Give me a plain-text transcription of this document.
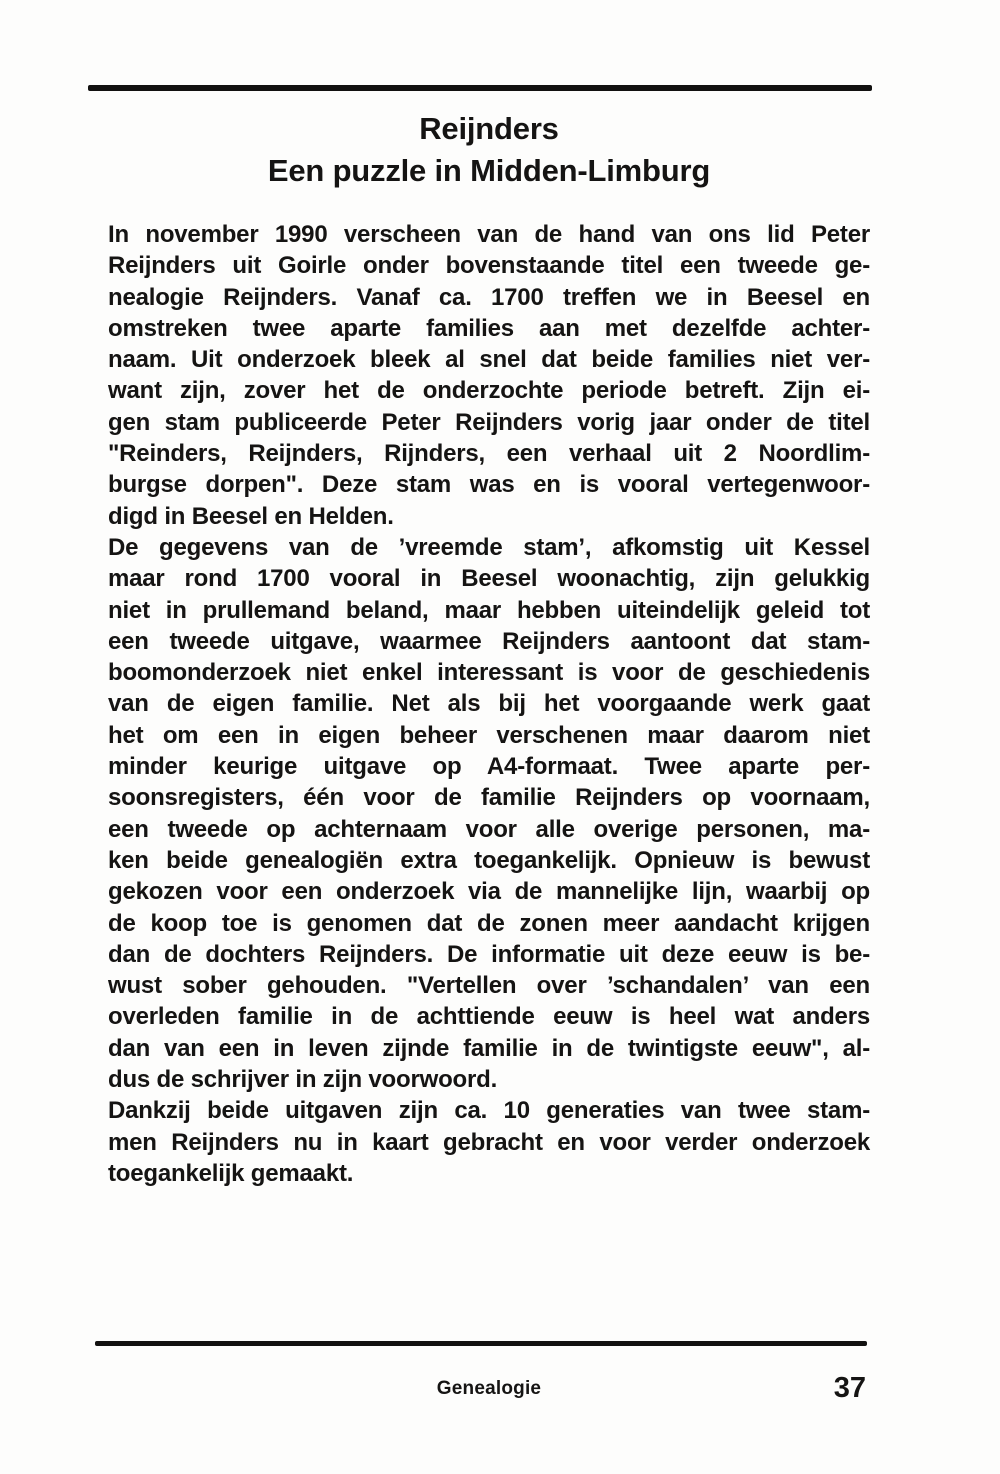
Reijnders
Een puzzle in Midden-Limburg
In november 1990 verscheen van de hand van ons lid Peter
Reijnders uit Goirle onder bovenstaande titel een tweede ge-
nealogie Reijnders. Vanaf ca. 1700 treffen we in Beesel en
omstreken twee aparte families aan met dezelfde achter-
naam. Uit onderzoek bleek al snel dat beide families niet ver-
want zijn, zover het de onderzochte periode betreft. Zijn ei-
gen stam publiceerde Peter Reijnders vorig jaar onder de titel
"Reinders, Reijnders, Rijnders, een verhaal uit 2 Noordlim-
burgse dorpen". Deze stam was en is vooral vertegenwoor-
digd in Beesel en Helden.
De gegevens van de ’vreemde stam’, afkomstig uit Kessel
maar rond 1700 vooral in Beesel woonachtig, zijn gelukkig
niet in prullemand beland, maar hebben uiteindelijk geleid tot
een tweede uitgave, waarmee Reijnders aantoont dat stam-
boomonderzoek niet enkel interessant is voor de geschiedenis
van de eigen familie. Net als bij het voorgaande werk gaat
het om een in eigen beheer verschenen maar daarom niet
minder keurige uitgave op A4-formaat. Twee aparte per-
soonsregisters, één voor de familie Reijnders op voornaam,
een tweede op achternaam voor alle overige personen, ma-
ken beide genealogiën extra toegankelijk. Opnieuw is bewust
gekozen voor een onderzoek via de mannelijke lijn, waarbij op
de koop toe is genomen dat de zonen meer aandacht krijgen
dan de dochters Reijnders. De informatie uit deze eeuw is be-
wust sober gehouden. "Vertellen over ’schandalen’ van een
overleden familie in de achttiende eeuw is heel wat anders
dan van een in leven zijnde familie in de twintigste eeuw", al-
dus de schrijver in zijn voorwoord.
Dankzij beide uitgaven zijn ca. 10 generaties van twee stam-
men Reijnders nu in kaart gebracht en voor verder onderzoek
toegankelijk gemaakt.
Genealogie	37
